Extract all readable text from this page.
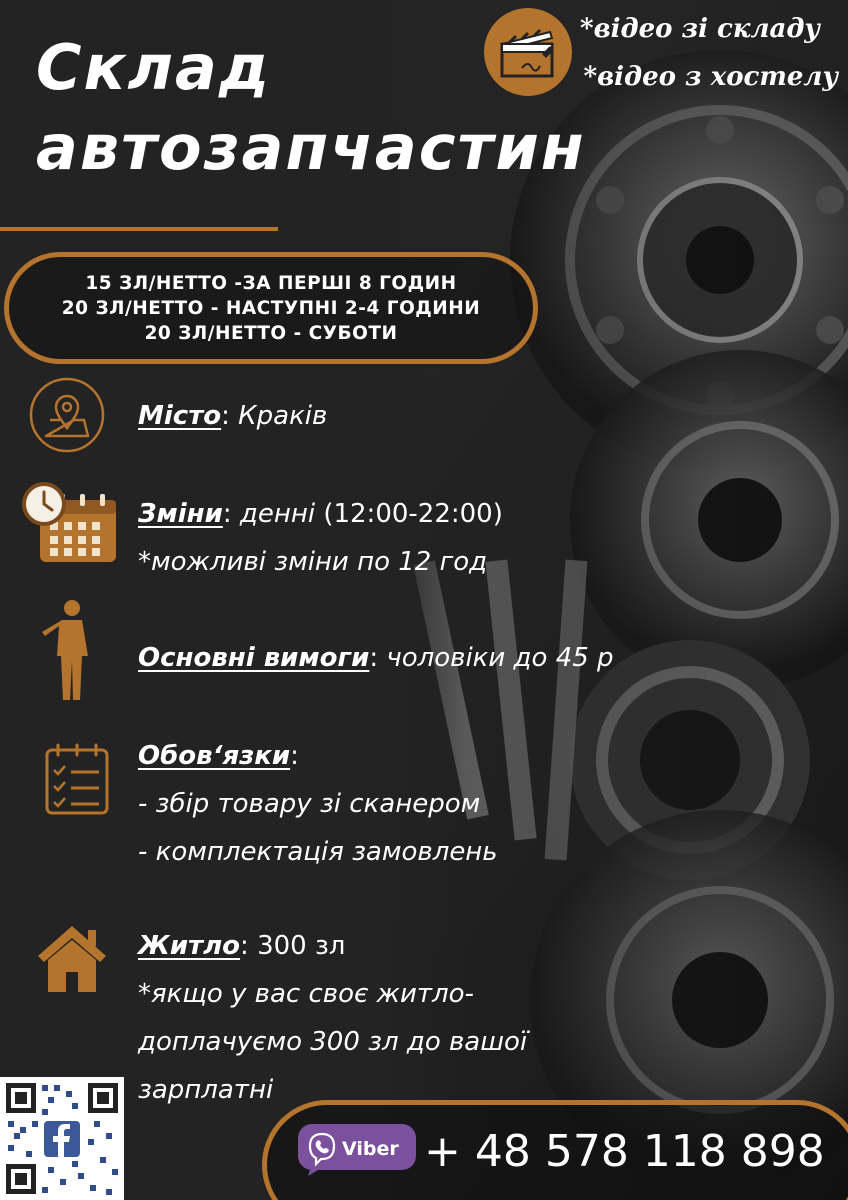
Склад
автозапчастин
*відео зі складу
*відео з хостелу
15 ЗЛ/НЕТТО -ЗА ПЕРШІ 8 ГОДИН
20 ЗЛ/НЕТТО - НАСТУПНІ 2-4 ГОДИНИ
20 ЗЛ/НЕТТО - СУБОТИ
Місто: Краків
Зміни: денні (12:00-22:00)
*можливі зміни по 12 год
Основні вимоги: чоловіки до 45 р
Обов‘язки:
- збір товару зі сканером
- комплектація замовлень
Житло: 300 зл
*якщо у вас своє житло-
доплачуємо 300 зл до вашої
зарплатні
Viber + 48 578 118 898
